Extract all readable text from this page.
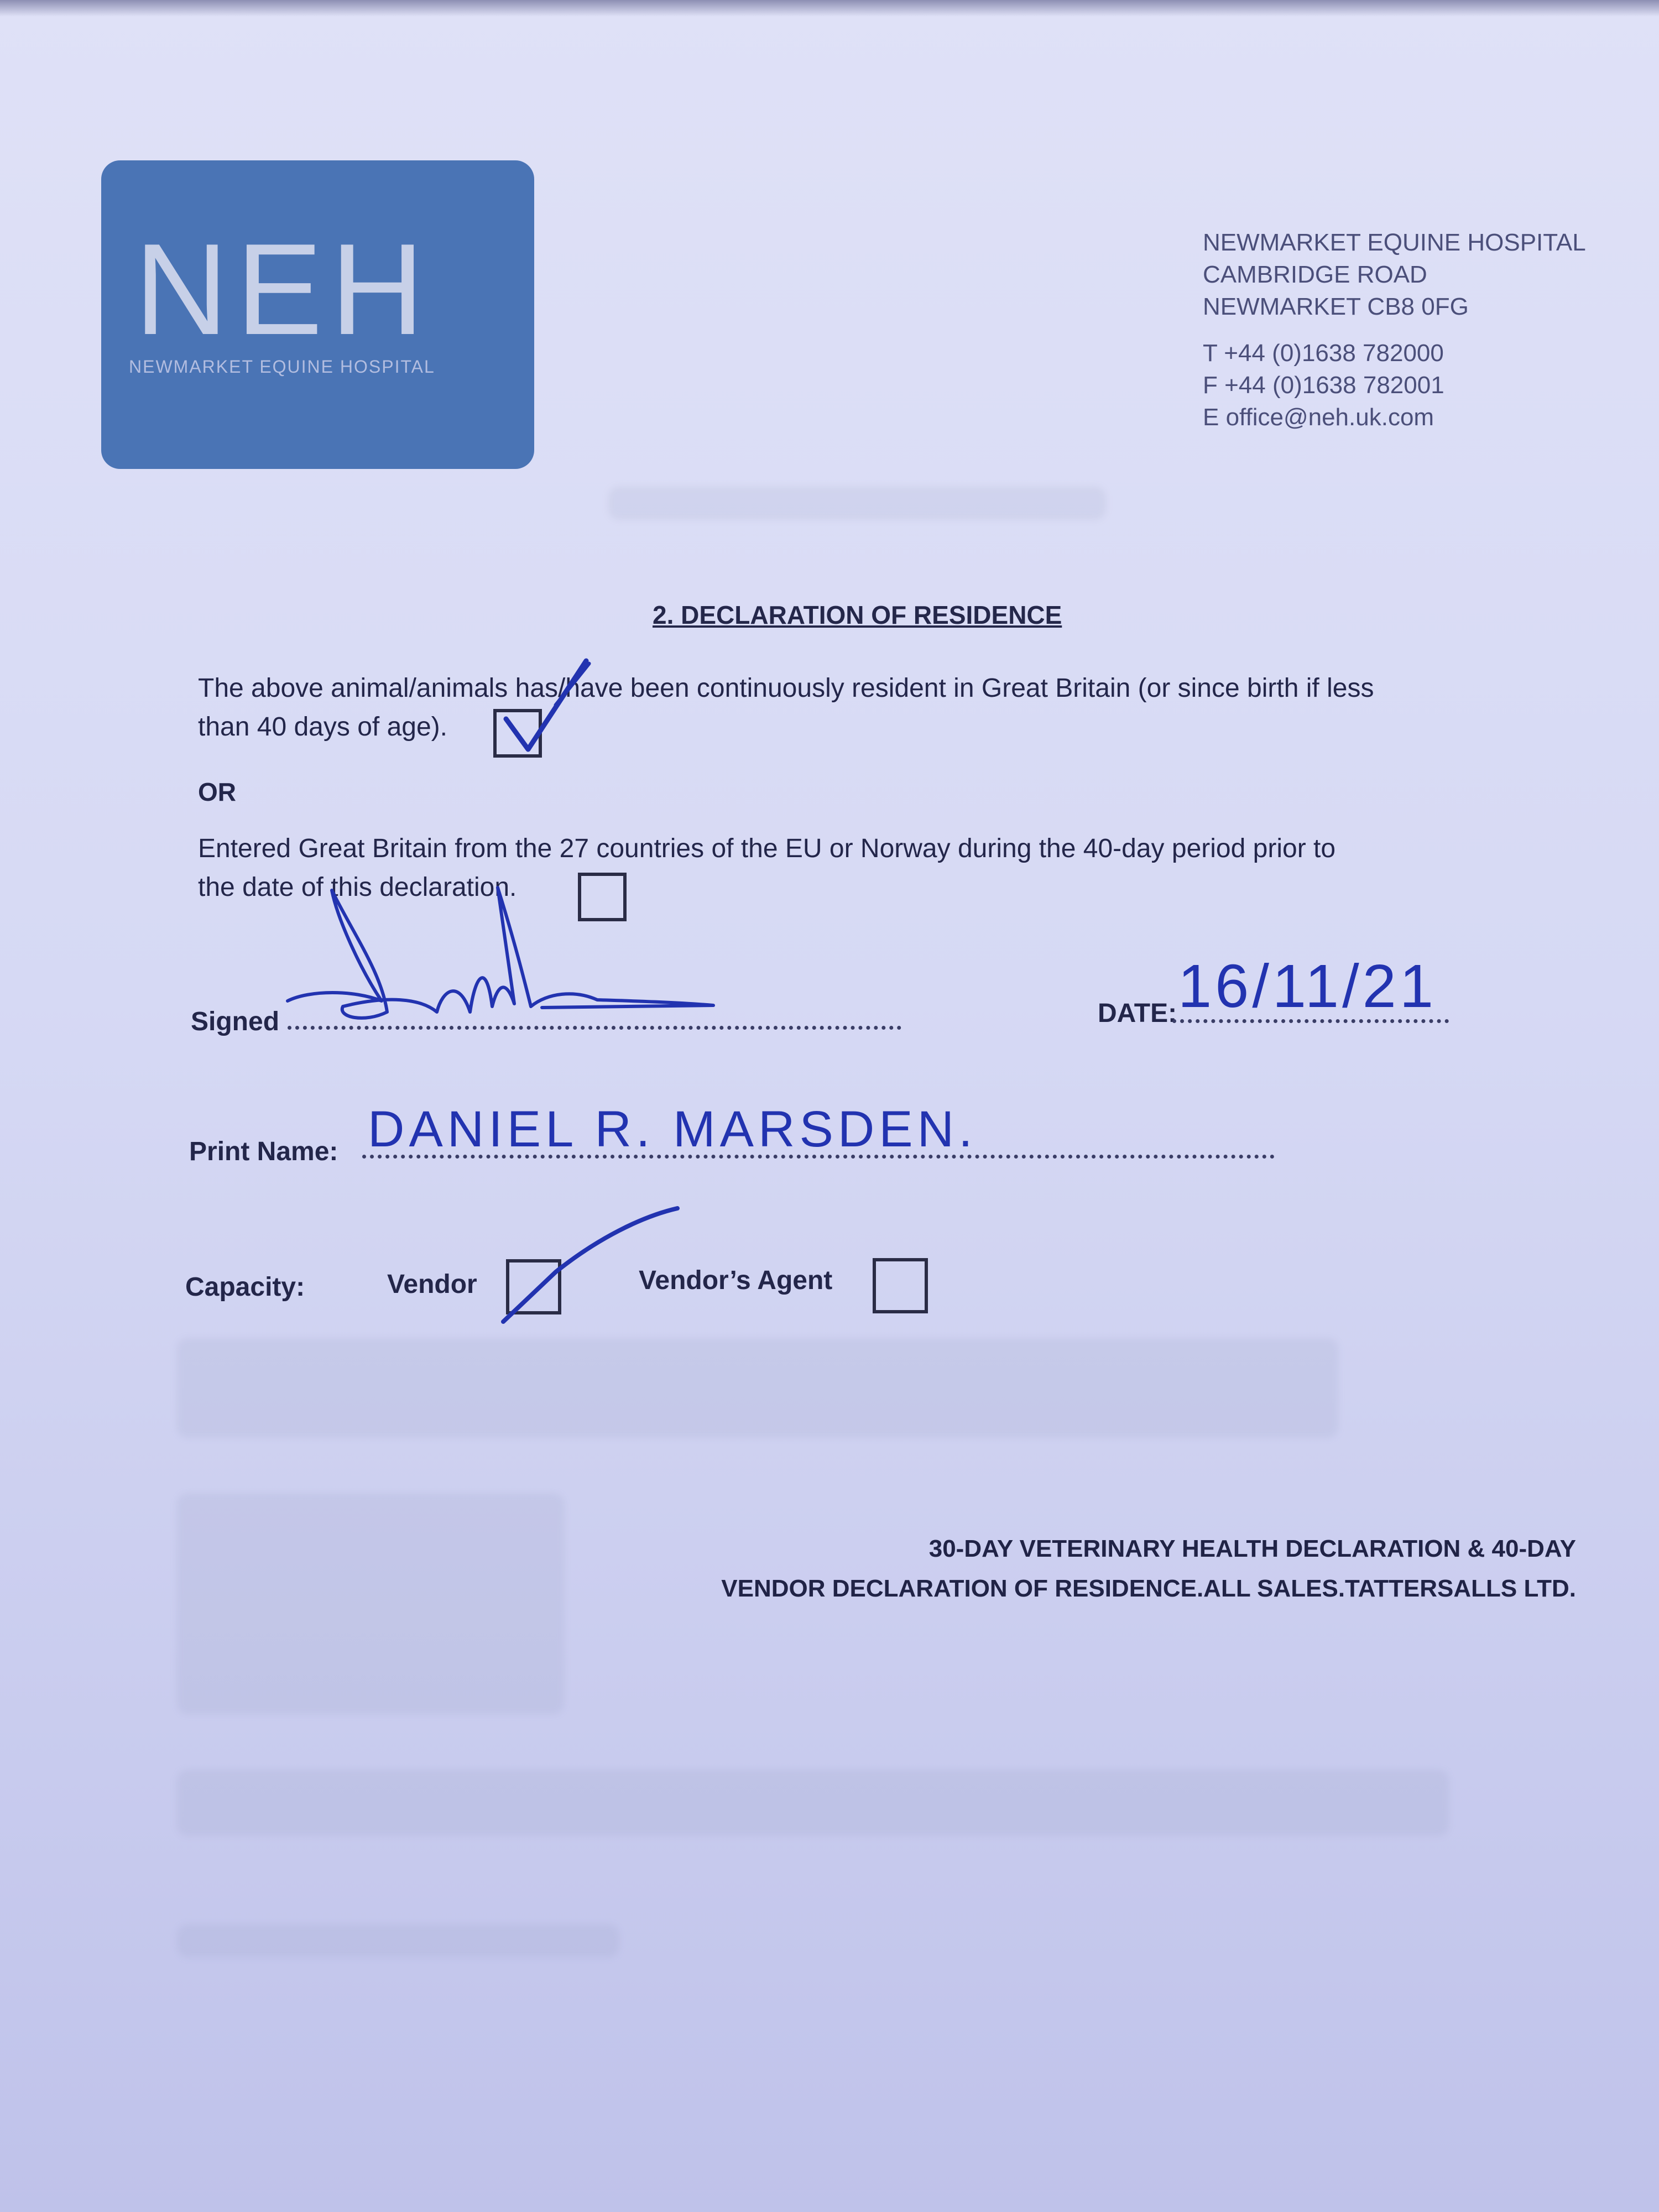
NEH
NEWMARKET EQUINE HOSPITAL
NEWMARKET EQUINE HOSPITAL
CAMBRIDGE ROAD
NEWMARKET CB8 0FG
T +44 (0)1638 782000
F +44 (0)1638 782001
E office@neh.uk.com
2. DECLARATION OF RESIDENCE
The above animal/animals has/have been continuously resident in Great Britain (or since birth if less
than 40 days of age).
OR
Entered Great Britain from the 27 countries of the EU or Norway during the 40-day period prior to
the date of this declaration.
Signed	DATE: 16/11/21
Print Name: DANIEL R. MARSDEN.
Capacity:	Vendor	Vendor’s Agent
30-DAY VETERINARY HEALTH DECLARATION & 40-DAY
VENDOR DECLARATION OF RESIDENCE.ALL SALES.TATTERSALLS LTD.
